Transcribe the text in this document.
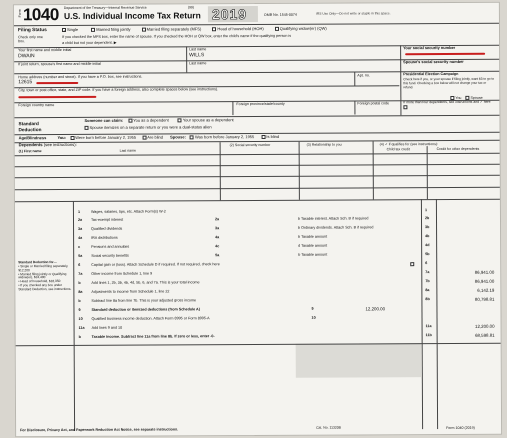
Form 1040 Department of the Treasury—Internal Revenue Service	(99)
U.S. Individual Income Tax Return 2019	OMB No. 1545-0074	IRS Use Only—Do not write or staple in this space.
Filing Status
Check only one box.
✓Single	Married filing jointly	Married filing separately (MFS)	Head of household (HOH)	Qualifying widow(er) (QW)
If you checked the MFS box, enter the name of spouse. If you checked the HOH or QW box, enter the child's name if the qualifying person is
a child but not your dependent. ▶
Your first name and middle initial
DWAIN
Last name
WILLS
Your social security number
If joint return, spouse's first name and middle initial	Last name	Spouse's social security number
Home address (number and street). If you have a P.O. box, see instructions.
12615
Apt. no.	Presidential Election Campaign
Check here if you, or your spouse if filing jointly, want $3 to go to this fund. Checking a box below will not change your tax or refund.
You Spouse
City, town or post office, state, and ZIP code. If you have a foreign address, also complete spaces below (see instructions).
Foreign country name	Foreign province/state/county	Foreign postal code	If more than four dependents, see instructions and ✓ here
Standard Deduction
Someone can claim:	You as a dependent	Your spouse as a dependent
Spouse itemizes on a separate return or you were a dual-status alien
Age/Blindness	You: Were born before January 2, 1955	Are blind Spouse: Was born before January 2, 1955	Is blind
Dependents (see instructions):
(1) First name	Last name
(2) Social security number	(3) Relationship to you	(4) ✓ if qualifies for (see instructions):
Child tax credit	Credit for other dependents
Standard Deduction for—
• Single or Married filing separately, $12,200
• Married filing jointly or Qualifying widow(er), $24,400
• Head of household, $18,350
• If you checked any box under Standard Deduction, see instructions.
1	Wages, salaries, tips, etc. Attach Form(s) W-2	1
2a Tax-exempt interest	2a	b Taxable interest. Attach Sch. B if required	2b
3a Qualified dividends	3a	b Ordinary dividends. Attach Sch. B if required	3b
4a IRA distributions	4a	b Taxable amount	4b
c	Pensions and annuities	4c	d Taxable amount	4d
5a Social security benefits	5a	b Taxable amount	5b
6	Capital gain or (loss). Attach Schedule D if required. If not required, check here	6
7a Other income from Schedule 1, line 9	7a	86,941.00
b	Add lines 1, 2b, 3b, 4b, 4d, 5b, 6, and 7a. This is your total income	7b	86,941.00
8a Adjustments to income from Schedule 1, line 22	8a	6,142.19
b	Subtract line 8a from line 7b. This is your adjusted gross income	8b	80,798.81
9	Standard deduction or itemized deductions (from Schedule A)	9	12,200.00
10 Qualified business income deduction. Attach Form 8995 or Form 8995-A	10
11a Add lines 9 and 10	11a	12,200.00
b	Taxable income. Subtract line 11a from line 8b. If zero or less, enter -0-	11b	68,598.81
For Disclosure, Privacy Act, and Paperwork Reduction Act Notice, see separate instructions.	Cat. No. 11320B	Form 1040 (2019)
